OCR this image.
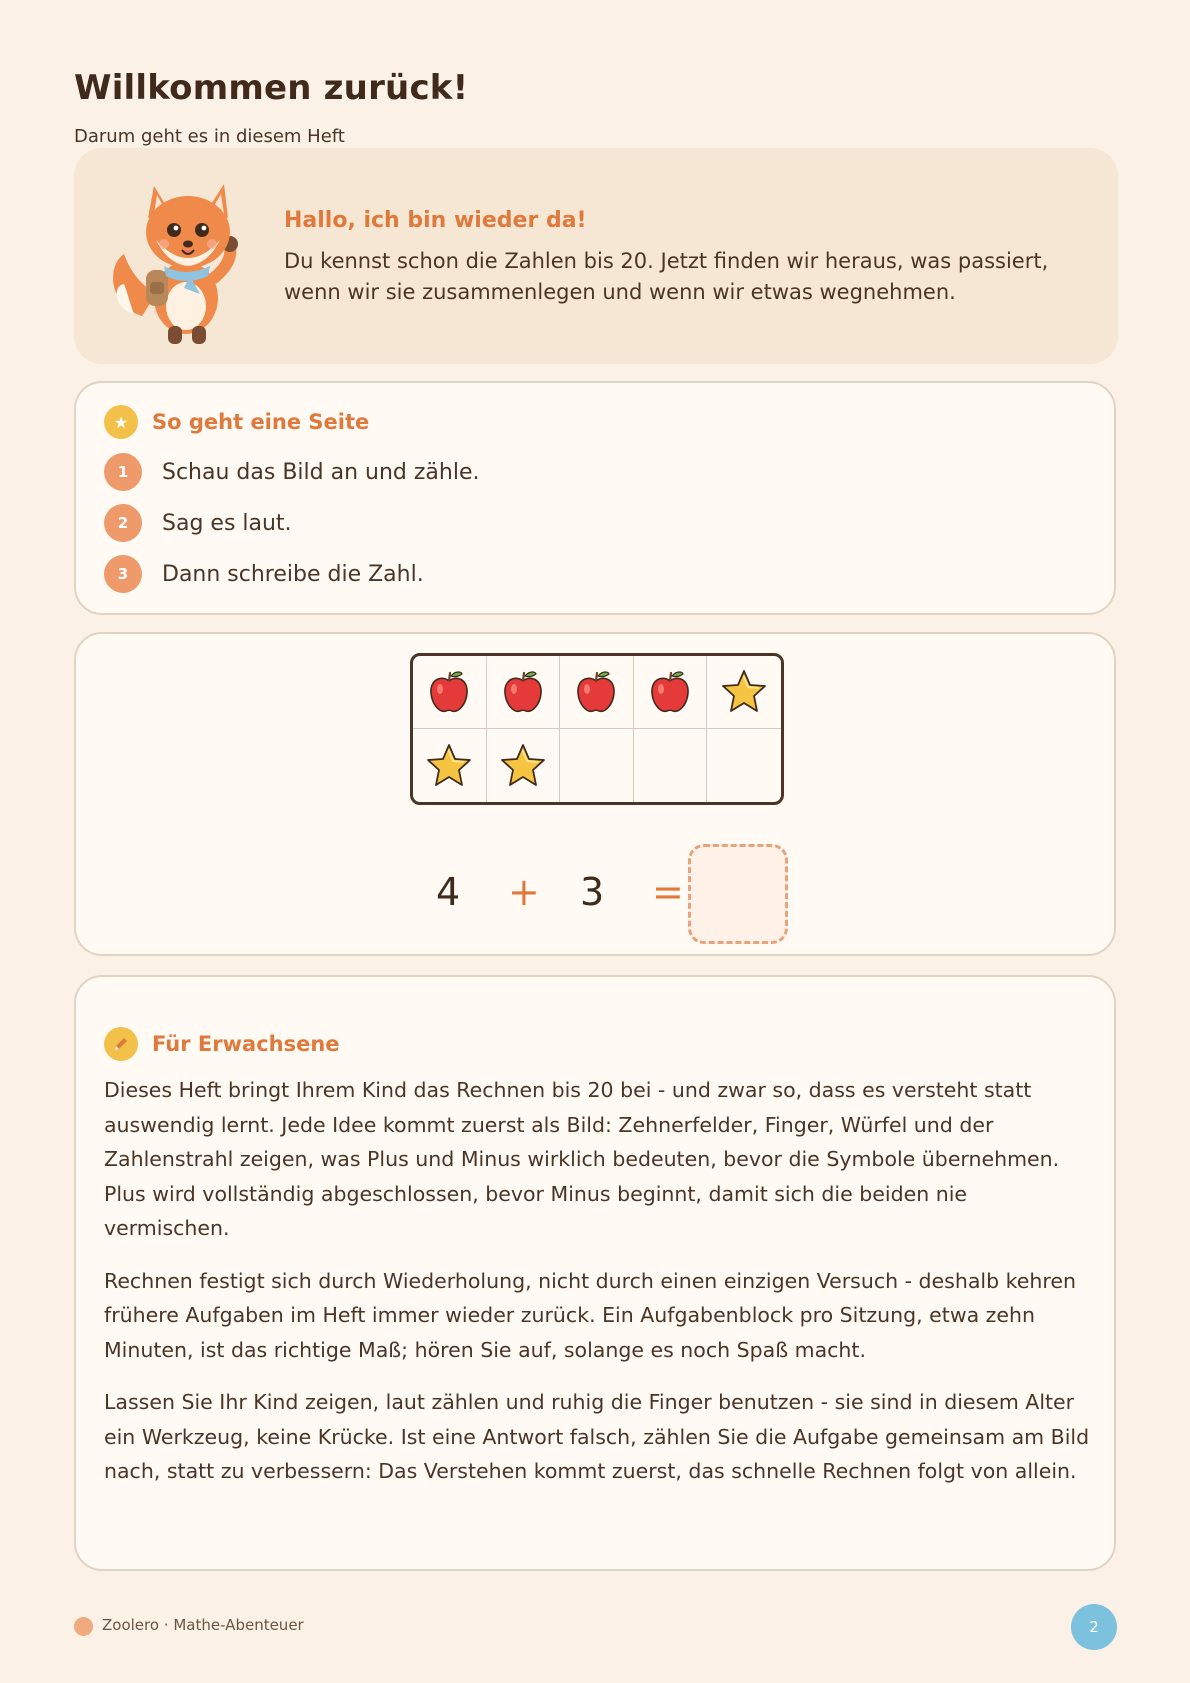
Willkommen zurück!
Darum geht es in diesem Heft
Hallo, ich bin wieder da!
Du kennst schon die Zahlen bis 20. Jetzt finden wir heraus, was passiert, wenn wir sie zusammenlegen und wenn wir etwas wegnehmen.
★	So geht eine Seite
1	Schau das Bild an und zähle.
2	Sag es laut.
3	Dann schreibe die Zahl.
4 + 3 =
Für Erwachsene

Dieses Heft bringt Ihrem Kind das Rechnen bis 20 bei - und zwar so, dass es versteht statt auswendig lernt. Jede Idee kommt zuerst als Bild: Zehnerfelder, Finger, Würfel und der Zahlenstrahl zeigen, was Plus und Minus wirklich bedeuten, bevor die Symbole übernehmen. Plus wird vollständig abgeschlossen, bevor Minus beginnt, damit sich die beiden nie vermischen.

Rechnen festigt sich durch Wiederholung, nicht durch einen einzigen Versuch - deshalb kehren frühere Aufgaben im Heft immer wieder zurück. Ein Aufgabenblock pro Sitzung, etwa zehn Minuten, ist das richtige Maß; hören Sie auf, solange es noch Spaß macht.

Lassen Sie Ihr Kind zeigen, laut zählen und ruhig die Finger benutzen - sie sind in diesem Alter ein Werkzeug, keine Krücke. Ist eine Antwort falsch, zählen Sie die Aufgabe gemeinsam am Bild nach, statt zu verbessern: Das Verstehen kommt zuerst, das schnelle Rechnen folgt von allein.

Zoolero · Mathe-Abenteuer	2
